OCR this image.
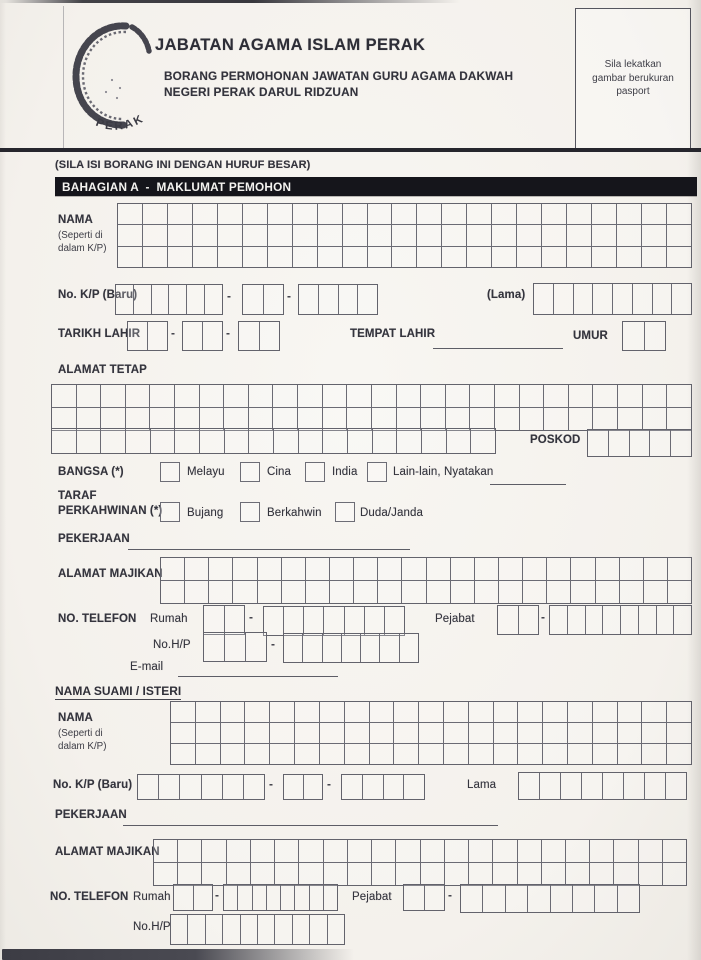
PERAK
JABATAN AGAMA ISLAM PERAK
BORANG PERMOHONAN JAWATAN GURU AGAMA DAKWAH
NEGERI PERAK DARUL RIDZUAN
Sila lekatkan
gambar berukuran
pasport
(SILA ISI BORANG INI DENGAN HURUF BESAR)
BAHAGIAN A  -  MAKLUMAT PEMOHON
NAMA
(Seperti di
dalam K/P)
No. K/P (Baru)	-	-	(Lama)
TARIKH LAHIR	-	-	TEMPAT LAHIR	UMUR
ALAMAT TETAP
POSKOD
BANGSA (*)	Melayu	Cina	India	Lain-lain, Nyatakan
TARAF
PERKAHWINAN (*) Bujang	Berkahwin	Duda/Janda
PEKERJAAN
ALAMAT MAJIKAN
NO. TELEFON Rumah	-	Pejabat	-
No.H/P	-
E-mail
NAMA SUAMI / ISTERI
NAMA
(Seperti di
dalam K/P)
No. K/P (Baru)	-	-	Lama
PEKERJAAN
ALAMAT MAJIKAN
NO. TELEFON Rumah	-	Pejabat	-
No.H/P
